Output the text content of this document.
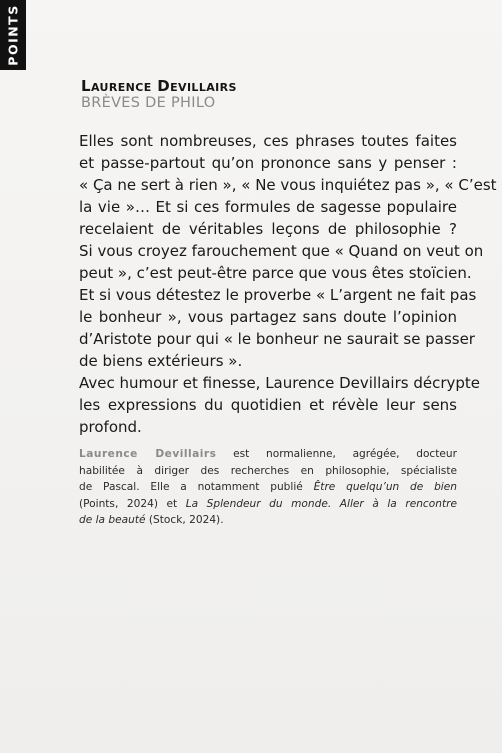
POINTS
Laurence Devillairs
BRÈVES DE PHILO
Elles sont nombreuses, ces phrases toutes faites
et passe-partout qu’on prononce sans y penser :
« Ça ne sert à rien », « Ne vous inquiétez pas », « C’est
la vie »… Et si ces formules de sagesse populaire
recelaient de véritables leçons de philosophie ?
Si vous croyez farouchement que « Quand on veut on
peut », c’est peut-être parce que vous êtes stoïcien.
Et si vous détestez le proverbe « L’argent ne fait pas
le bonheur », vous partagez sans doute l’opinion
d’Aristote pour qui « le bonheur ne saurait se passer
de biens extérieurs ».
Avec humour et finesse, Laurence Devillairs décrypte
les expressions du quotidien et révèle leur sens
profond.
Laurence Devillairs est normalienne, agrégée, docteur
habilitée à diriger des recherches en philosophie, spécialiste
de Pascal. Elle a notamment publié Être quelqu’un de bien
(Points, 2024) et La Splendeur du monde. Aller à la rencontre
de la beauté (Stock, 2024).
